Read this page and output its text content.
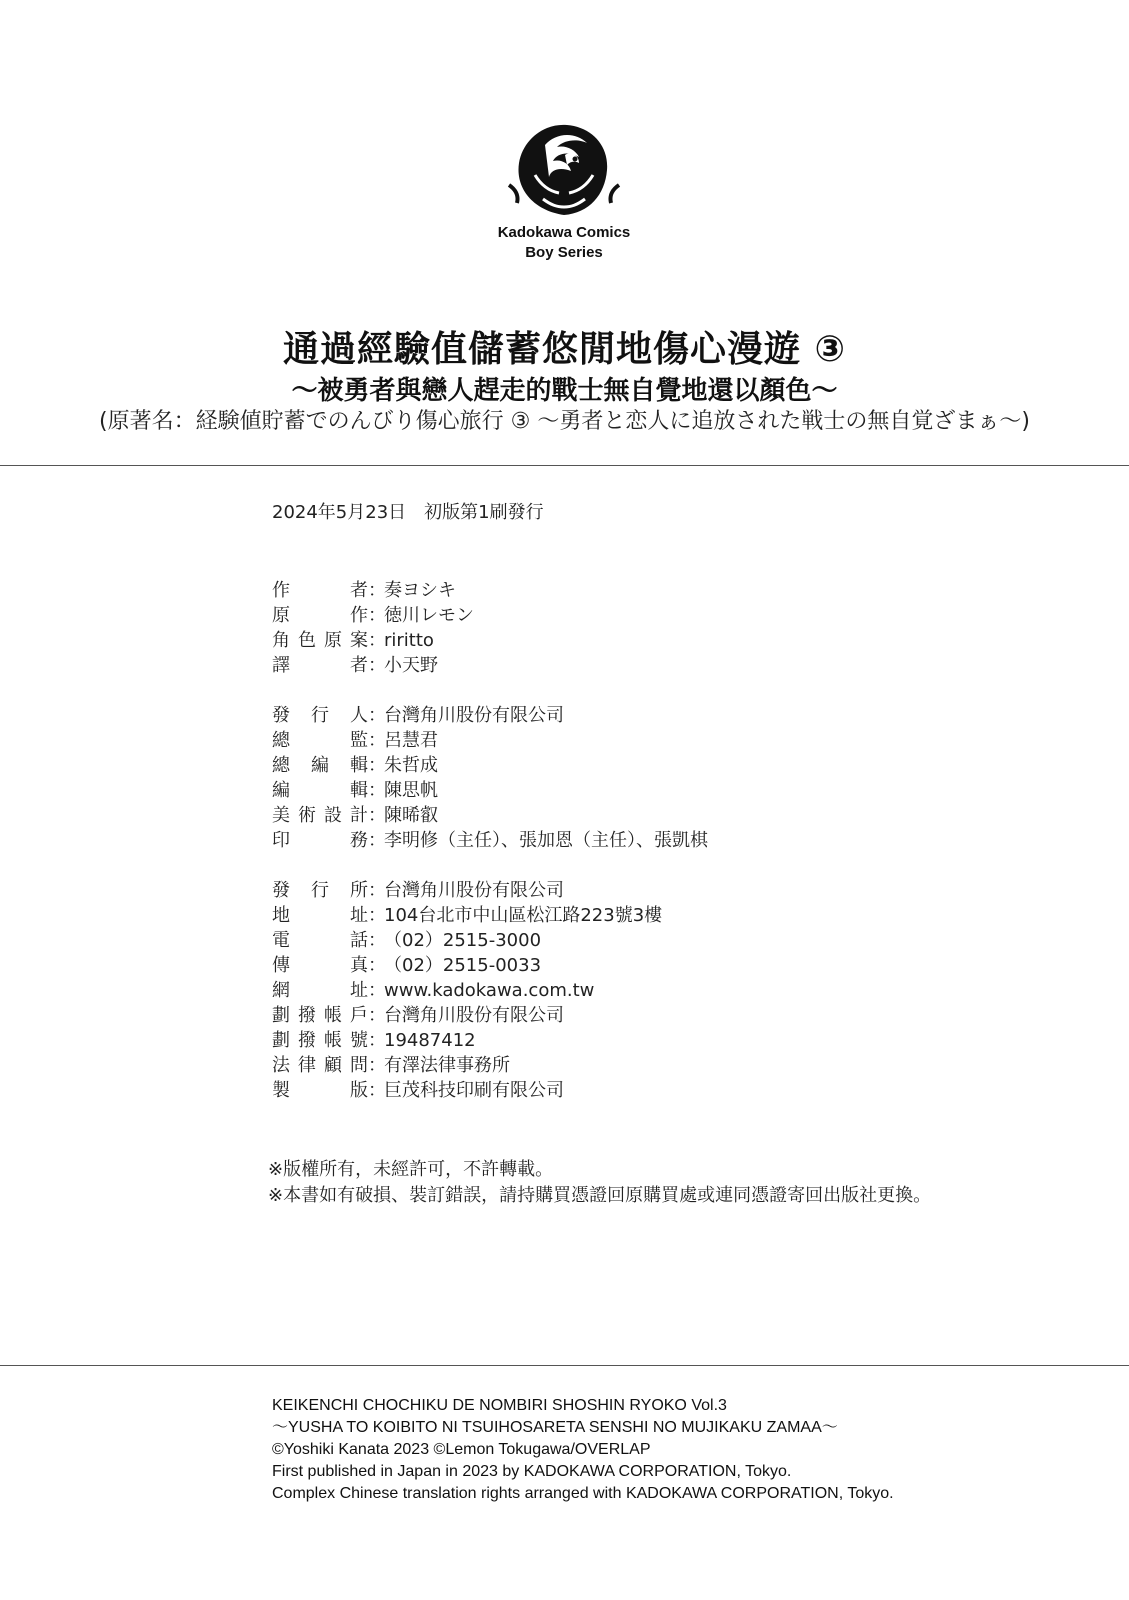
Kadokawa Comics
Boy Series
通過經驗值儲蓄悠閒地傷心漫遊 ③
～被勇者與戀人趕走的戰士無自覺地還以顏色～
(原著名：経験値貯蓄でのんびり傷心旅行 ③ ～勇者と恋人に追放された戦士の無自覚ざまぁ～)
2024年5月23日　初版第1刷發行
作　者 ：
奏ヨシキ
原　作 ：
徳川レモン
角色原案 ：
riritto
譯　者 ：
小天野
發 行 人 ：
台灣角川股份有限公司
總　監 ：
呂慧君
總 編 輯 ：
朱哲成
編　輯 ：
陳思帆
美術設計 ：
陳晞叡
印　務 ：
李明修（主任）、張加恩（主任）、張凱棋
發 行 所 ：
台灣角川股份有限公司
地　址 ：
104台北市中山區松江路223號3樓
電　話 ：
（02）2515-3000
傳　真 ：
（02）2515-0033
網　址 ：
www.kadokawa.com.tw
劃撥帳戶 ：
台灣角川股份有限公司
劃撥帳號 ：
19487412
法律顧問 ：
有澤法律事務所
製　版 ：
巨茂科技印刷有限公司
※版權所有，未經許可，不許轉載。
※本書如有破損、裝訂錯誤，請持購買憑證回原購買處或連同憑證寄回出版社更換。
KEIKENCHI CHOCHIKU DE NOMBIRI SHOSHIN RYOKO Vol.3
～YUSHA TO KOIBITO NI TSUIHOSARETA SENSHI NO MUJIKAKU ZAMAA～
©Yoshiki Kanata 2023 ©Lemon Tokugawa/OVERLAP
First published in Japan in 2023 by KADOKAWA CORPORATION, Tokyo.
Complex Chinese translation rights arranged with KADOKAWA CORPORATION, Tokyo.
